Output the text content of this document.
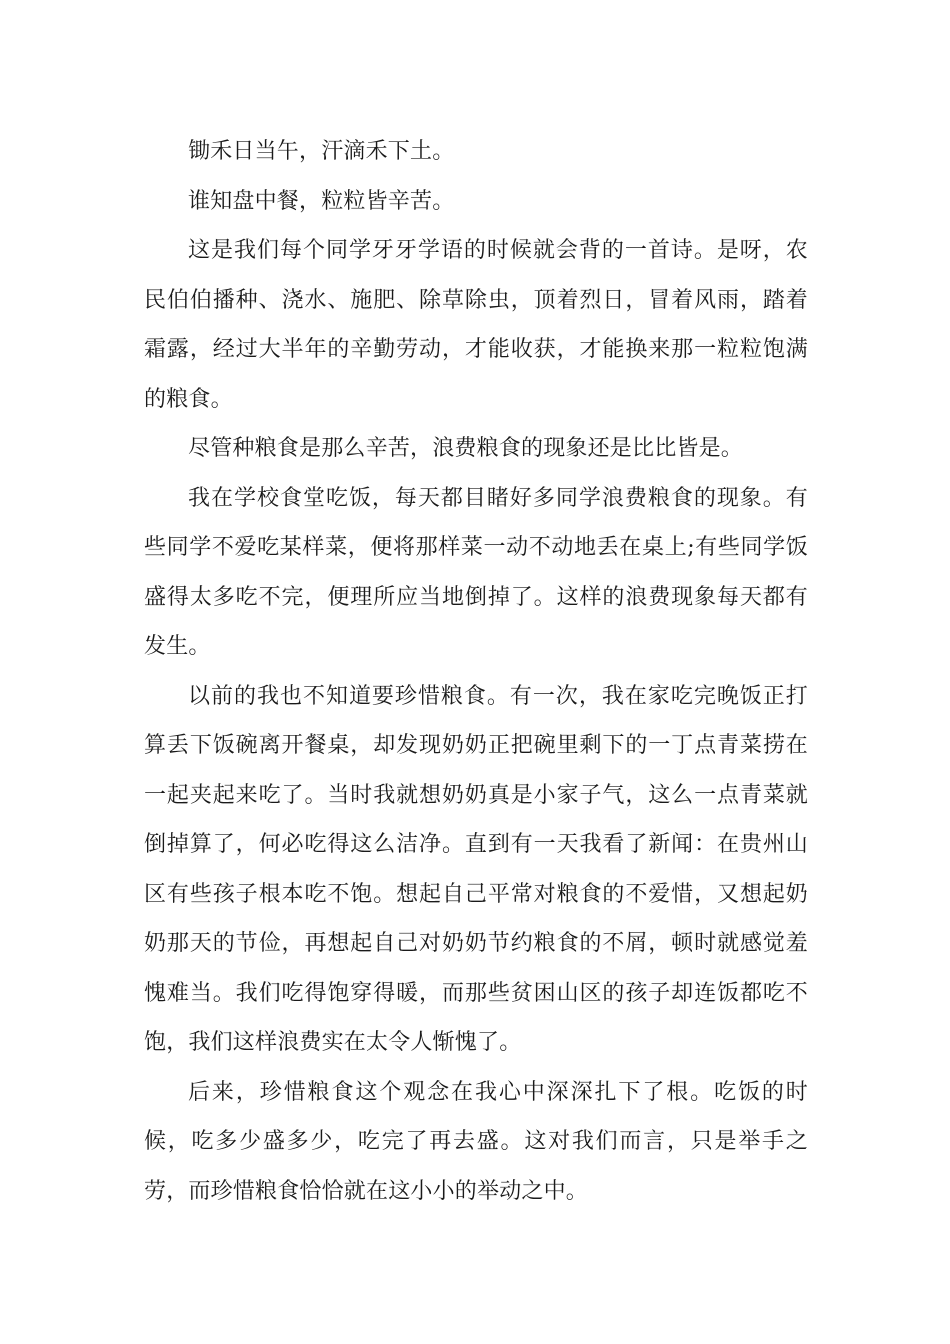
锄禾日当午，汗滴禾下土。

谁知盘中餐，粒粒皆辛苦。

这是我们每个同学牙牙学语的时候就会背的一首诗。是呀，农民伯伯播种、浇水、施肥、除草除虫，顶着烈日，冒着风雨，踏着霜露，经过大半年的辛勤劳动，才能收获，才能换来那一粒粒饱满的粮食。

尽管种粮食是那么辛苦，浪费粮食的现象还是比比皆是。

我在学校食堂吃饭，每天都目睹好多同学浪费粮食的现象。有些同学不爱吃某样菜，便将那样菜一动不动地丢在桌上;有些同学饭盛得太多吃不完，便理所应当地倒掉了。这样的浪费现象每天都有发生。

以前的我也不知道要珍惜粮食。有一次，我在家吃完晚饭正打算丢下饭碗离开餐桌，却发现奶奶正把碗里剩下的一丁点青菜捞在一起夹起来吃了。当时我就想奶奶真是小家子气，这么一点青菜就倒掉算了，何必吃得这么洁净。直到有一天我看了新闻：在贵州山区有些孩子根本吃不饱。想起自己平常对粮食的不爱惜，又想起奶奶那天的节俭，再想起自己对奶奶节约粮食的不屑，顿时就感觉羞愧难当。我们吃得饱穿得暖，而那些贫困山区的孩子却连饭都吃不饱，我们这样浪费实在太令人惭愧了。

后来，珍惜粮食这个观念在我心中深深扎下了根。吃饭的时候，吃多少盛多少，吃完了再去盛。这对我们而言，只是举手之劳，而珍惜粮食恰恰就在这小小的举动之中。
